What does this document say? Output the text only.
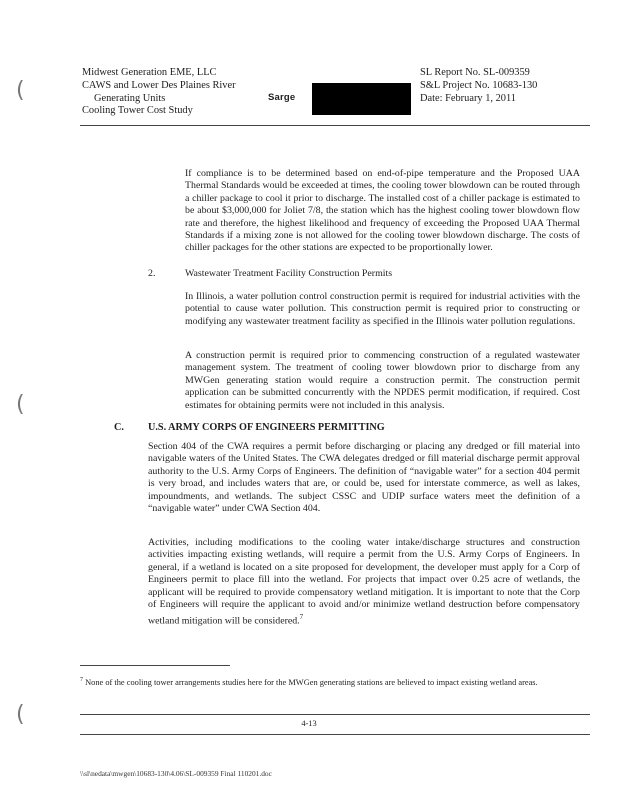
Midwest Generation EME, LLC
CAWS and Lower Des Plaines River
Generating Units
Cooling Tower Cost Study
Sarge
SL Report No. SL-009359
S&L Project No. 10683-130
Date: February 1, 2011

If compliance is to be determined based on end-of-pipe temperature and the Proposed UAA Thermal Standards would be exceeded at times, the cooling tower blowdown can be routed through a chiller package to cool it prior to discharge. The installed cost of a chiller package is estimated to be about $3,000,000 for Joliet 7/8, the station which has the highest cooling tower blowdown flow rate and therefore, the highest likelihood and frequency of exceeding the Proposed UAA Thermal Standards if a mixing zone is not allowed for the cooling tower blowdown discharge. The costs of chiller packages for the other stations are expected to be proportionally lower.

2.	Wastewater Treatment Facility Construction Permits

In Illinois, a water pollution control construction permit is required for industrial activities with the potential to cause water pollution. This construction permit is required prior to constructing or modifying any wastewater treatment facility as specified in the Illinois water pollution regulations.

A construction permit is required prior to commencing construction of a regulated wastewater management system. The treatment of cooling tower blowdown prior to discharge from any MWGen generating station would require a construction permit. The construction permit application can be submitted concurrently with the NPDES permit modification, if required. Cost estimates for obtaining permits were not included in this analysis.

C. U.S. ARMY CORPS OF ENGINEERS PERMITTING

Section 404 of the CWA requires a permit before discharging or placing any dredged or fill material into navigable waters of the United States. The CWA delegates dredged or fill material discharge permit approval authority to the U.S. Army Corps of Engineers. The definition of “navigable water” for a section 404 permit is very broad, and includes waters that are, or could be, used for interstate commerce, as well as lakes, impoundments, and wetlands. The subject CSSC and UDIP surface waters meet the definition of a “navigable water” under CWA Section 404.

Activities, including modifications to the cooling water intake/discharge structures and construction activities impacting existing wetlands, will require a permit from the U.S. Army Corps of Engineers. In general, if a wetland is located on a site proposed for development, the developer must apply for a Corp of Engineers permit to place fill into the wetland. For projects that impact over 0.25 acre of wetlands, the applicant will be required to provide compensatory wetland mitigation. It is important to note that the Corp of Engineers will require the applicant to avoid and/or minimize wetland destruction before compensatory wetland mitigation will be considered.$^7$

$^7$ None of the cooling tower arrangements studies here for the MWGen generating stations are believed to impact existing wetland areas.
4-13
\\sl\nedata\mwgen\10683-130\4.06\SL-009359 Final 110201.doc
(
(
(
